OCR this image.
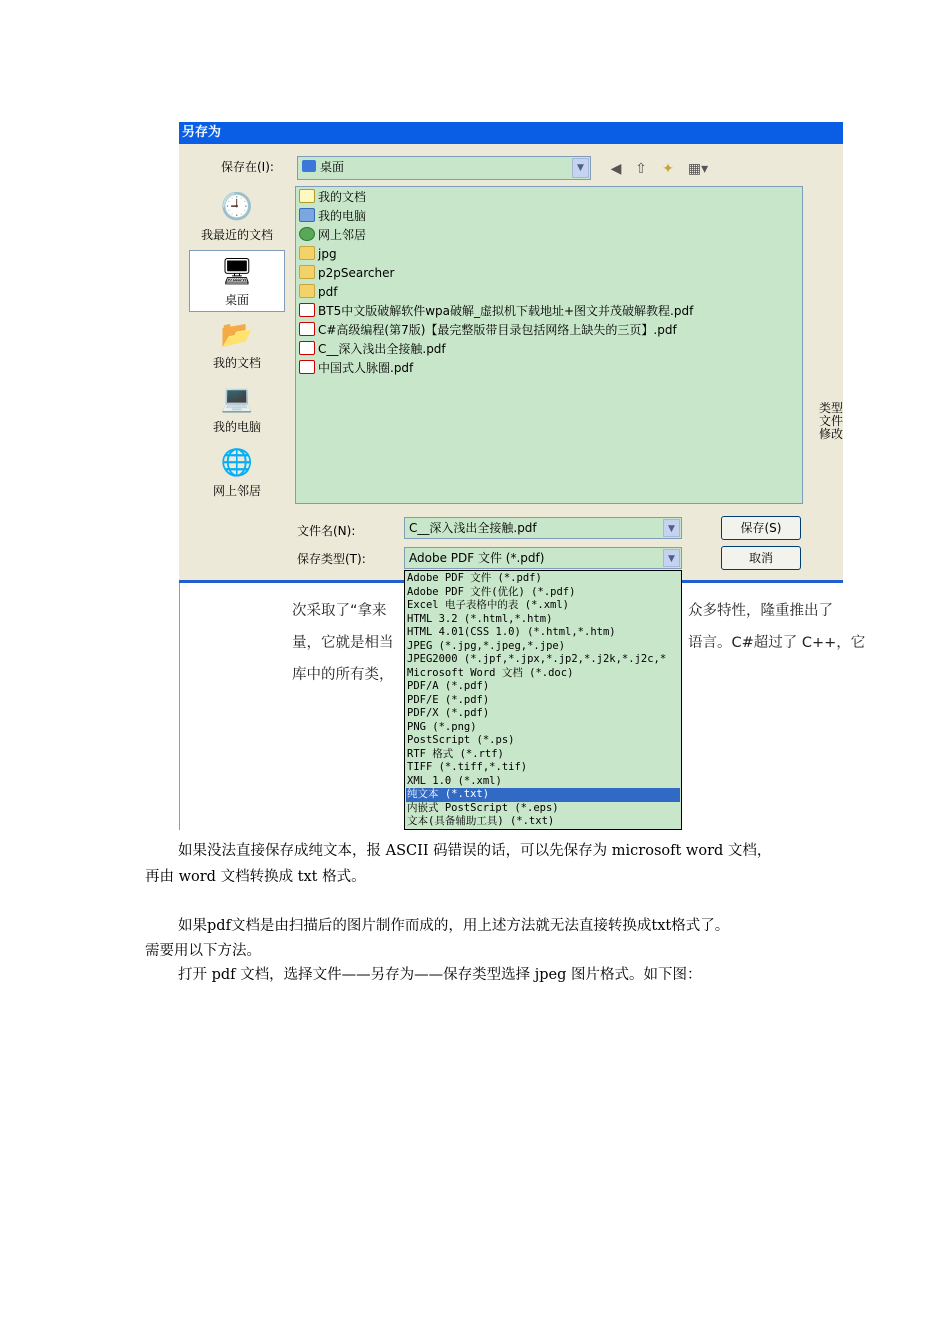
另存为
保存在(I):	桌面	▼	◀ ⇧ ✦ ▦▾
🕘
我最近的文档
🖥
桌面
📂
我的文档
💻
我的电脑
🌐
网上邻居
我的文档
我的电脑
网上邻居
jpg
p2pSearcher
pdf
BT5中文版破解软件wpa破解_虚拟机下载地址+图文并茂破解教程.pdf
C#高级编程(第7版)【最完整版带目录包括网络上缺失的三页】.pdf
C__深入浅出全接触.pdf
中国式人脉圈.pdf
类型
文件
修改
文件名(N):	C__深入浅出全接触.pdf	▼
保存类型(T):	Adobe PDF 文件 (*.pdf)	▼
保存(S)
取消
次采取了“拿来	众多特性，隆重推出了
量，它就是相当	语言。C#超过了 C++，它
库中的所有类，
Adobe PDF 文件 (*.pdf)
Adobe PDF 文件(优化) (*.pdf)
Excel 电子表格中的表 (*.xml)
HTML 3.2 (*.html,*.htm)
HTML 4.01(CSS 1.0) (*.html,*.htm)
JPEG (*.jpg,*.jpeg,*.jpe)
JPEG2000 (*.jpf,*.jpx,*.jp2,*.j2k,*.j2c,*
Microsoft Word 文档 (*.doc)
PDF/A (*.pdf)
PDF/E (*.pdf)
PDF/X (*.pdf)
PNG (*.png)
PostScript (*.ps)
RTF 格式 (*.rtf)
TIFF (*.tiff,*.tif)
XML 1.0 (*.xml)
纯文本 (*.txt)
内嵌式 PostScript (*.eps)
文本(具备辅助工具) (*.txt)
如果没法直接保存成纯文本，报 ASCII 码错误的话，可以先保存为 microsoft word 文档，
再由 word 文档转换成 txt 格式。
如果pdf文档是由扫描后的图片制作而成的，用上述方法就无法直接转换成txt格式了。
需要用以下方法。
打开 pdf 文档，选择文件——另存为——保存类型选择 jpeg 图片格式。如下图：
